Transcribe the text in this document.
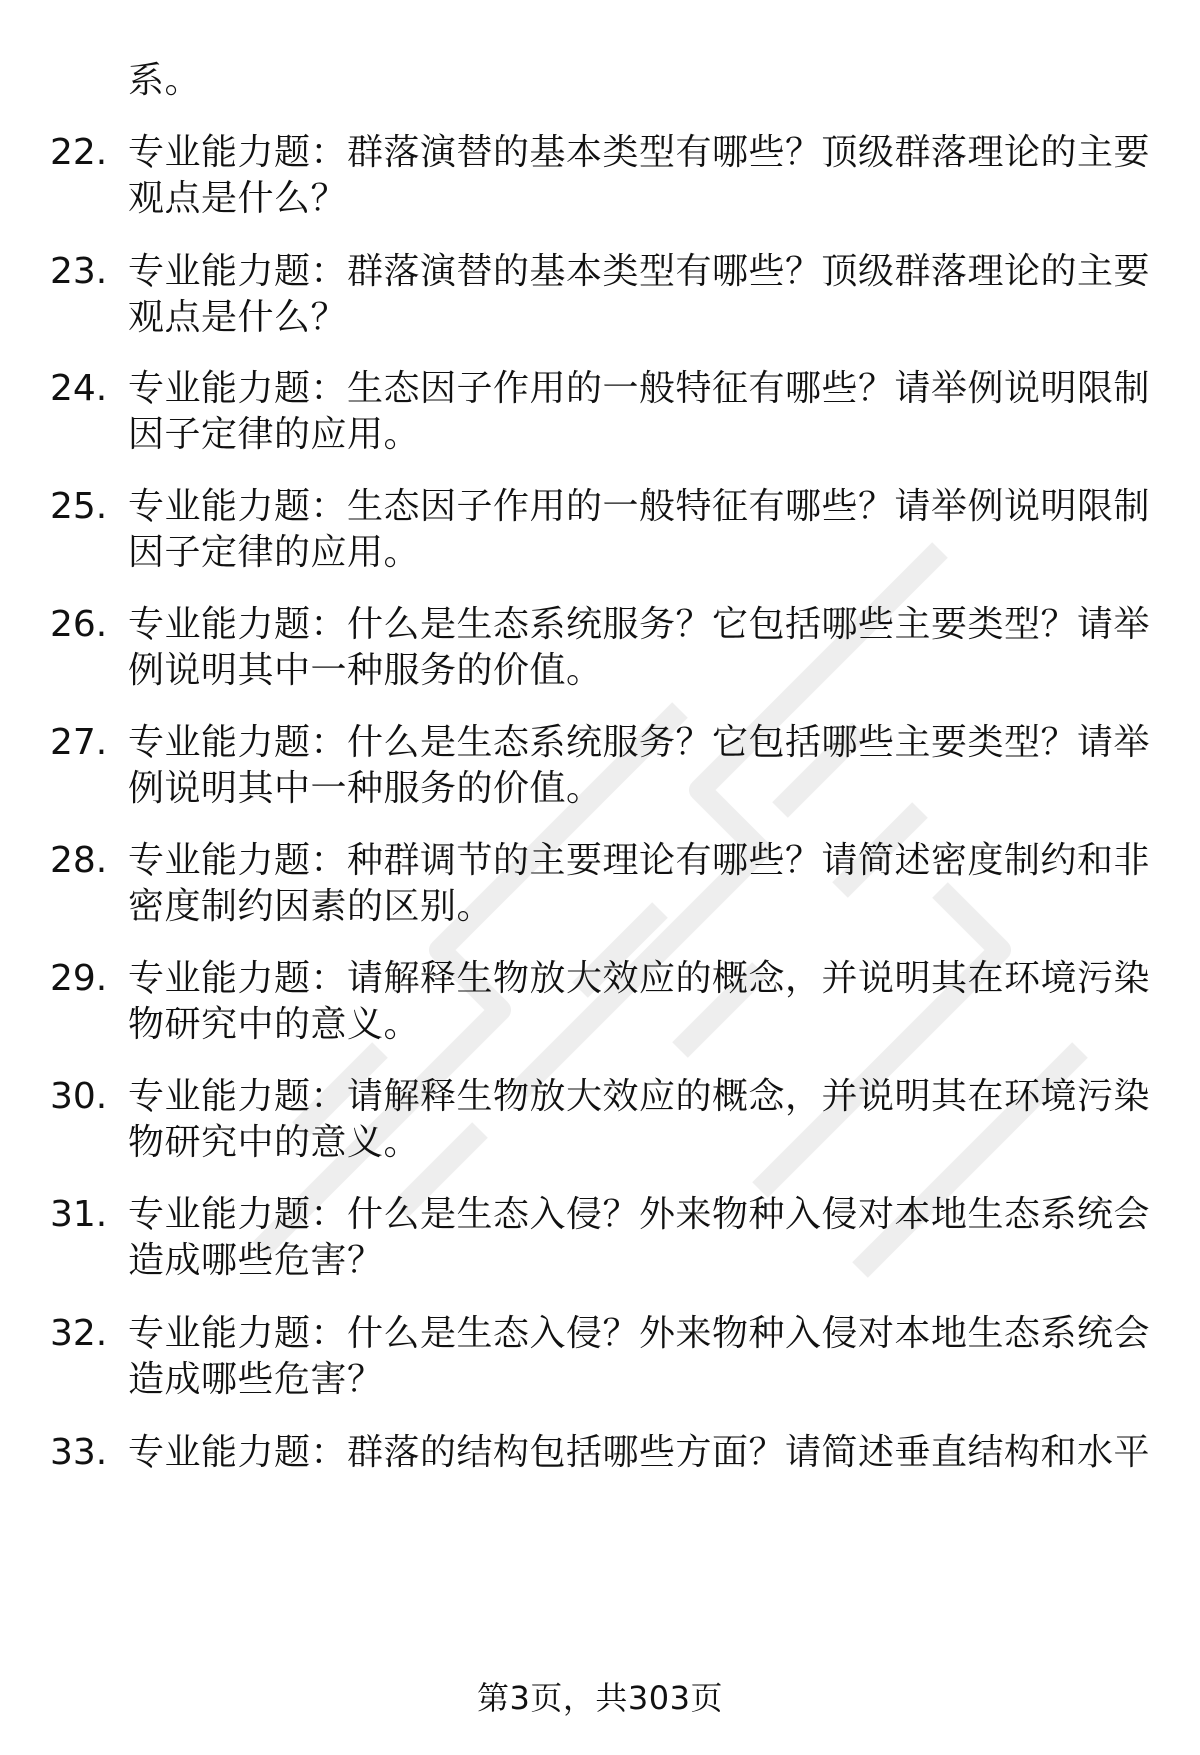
系。
22. 专业能力题：群落演替的基本类型有哪些？顶级群落理论的主要
观点是什么？
23. 专业能力题：群落演替的基本类型有哪些？顶级群落理论的主要
观点是什么？
24. 专业能力题：生态因子作用的一般特征有哪些？请举例说明限制
因子定律的应用。
25. 专业能力题：生态因子作用的一般特征有哪些？请举例说明限制
因子定律的应用。
26. 专业能力题：什么是生态系统服务？它包括哪些主要类型？请举
例说明其中一种服务的价值。
27. 专业能力题：什么是生态系统服务？它包括哪些主要类型？请举
例说明其中一种服务的价值。
28. 专业能力题：种群调节的主要理论有哪些？请简述密度制约和非
密度制约因素的区别。
29. 专业能力题：请解释生物放大效应的概念，并说明其在环境污染
物研究中的意义。
30. 专业能力题：请解释生物放大效应的概念，并说明其在环境污染
物研究中的意义。
31. 专业能力题：什么是生态入侵？外来物种入侵对本地生态系统会
造成哪些危害？
32. 专业能力题：什么是生态入侵？外来物种入侵对本地生态系统会
造成哪些危害？
33. 专业能力题：群落的结构包括哪些方面？请简述垂直结构和水平
第3页，共303页
